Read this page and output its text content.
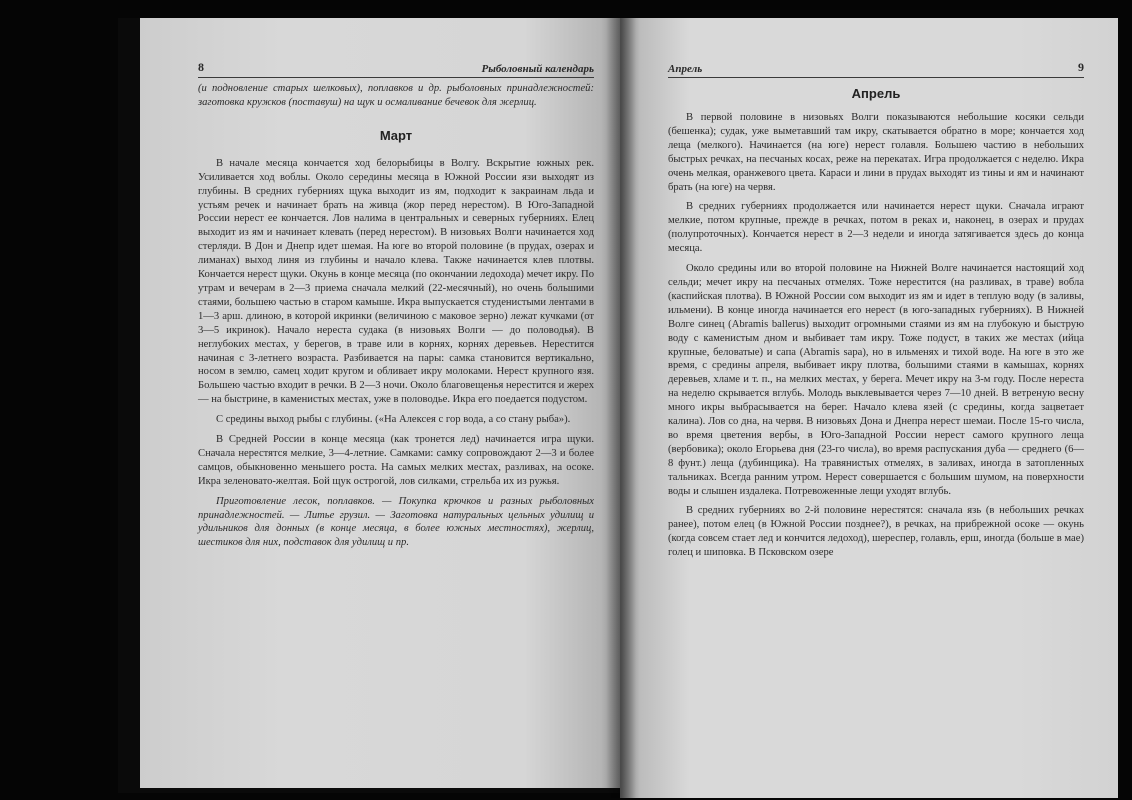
8	Рыболовный календарь

(и подновление старых шелковых), поплавков и др. рыболовных принадлежностей: заготовка кружков (поставуш) на щук и осмаливание бечевок для жерлиц.

Март

В начале месяца кончается ход белорыбицы в Волгу. Вскрытие южных рек. Усиливается ход воблы. Около середины месяца в Южной России язи выходят из глубины. В средних губерниях щука выходит из ям, подходит к закраинам льда и устьям речек и начинает брать на живца (жор перед нерестом). В Юго-Западной России нерест ее кончается. Лов налима в центральных и северных губерниях. Елец выходит из ям и начинает клевать (перед нерестом). В низовьях Волги начинается ход стерляди. В Дон и Днепр идет шемая. На юге во второй половине (в прудах, озерах и лиманах) выход линя из глубины и начало клева. Также начинается клев плотвы. Кончается нерест щуки. Окунь в конце месяца (по окончании ледохода) мечет икру. По утрам и вечерам в 2—3 приема сначала мелкий (22-месячный), но очень большими стаями, большею частью в старом камыше. Икра выпускается студенистыми лентами в 1—3 арш. длиною, в которой икринки (величиною с маковое зерно) лежат кучками (от 3—5 икринок). Начало нереста судака (в низовьях Волги — до половодья). В неглубоких местах, у берегов, в траве или в корнях, корнях деревьев. Нерестится начиная с 3-летнего возраста. Разбивается на пары: самка становится вертикально, носом в землю, самец ходит кругом и обливает икру молоками. Нерест крупного язя. Большею частью входит в речки. В 2—3 ночи. Около благовещенья нерестится и жерех — на быстрине, в каменистых местах, уже в половодье. Икра его поедается подустом.

С средины выход рыбы с глубины. («На Алексея с гор вода, а со стану рыба»).

В Средней России в конце месяца (как тронется лед) начинается игра щуки. Сначала нерестятся мелкие, 3—4-летние. Самками: самку сопровождают 2—3 и более самцов, обыкновенно меньшего роста. На самых мелких местах, разливах, на осоке. Икра зеленовато-желтая. Бой щук острогой, лов силками, стрельба их из ружья.

Приготовление лесок, поплавков. — Покупка крючков и разных рыболовных принадлежностей. — Литье грузил. — Заготовка натуральных цельных удилищ и удильников для донных (в конце месяца, в более южных местностях), жерлиц, шестиков для них, подставок для удилищ и пр.

Апрель	9
Апрель

В первой половине в низовьях Волги показываются небольшие косяки сельди (бешенка); судак, уже выметавший там икру, скатывается обратно в море; кончается ход леща (мелкого). Начинается (на юге) нерест голавля. Большею частию в небольших быстрых речках, на песчаных косах, реже на перекатах. Игра продолжается с неделю. Икра очень мелкая, оранжевого цвета. Караси и лини в прудах выходят из тины и ям и начинают брать (на юге) на червя.

В средних губерниях продолжается или начинается нерест щуки. Сначала играют мелкие, потом крупные, прежде в речках, потом в реках и, наконец, в озерах и прудах (полупроточных). Кончается нерест в 2—3 недели и иногда затягивается здесь до конца месяца.

Около средины или во второй половине на Нижней Волге начинается настоящий ход сельди; мечет икру на песчаных отмелях. Тоже нерестится (на разливах, в траве) вобла (каспийская плотва). В Южной России сом выходит из ям и идет в теплую воду (в заливы, ильмени). В конце иногда начинается его нерест (в юго-западных губерниях). В Нижней Волге синец (Abramis ballerus) выходит огромными стаями из ям на глубокую и быструю воду с каменистым дном и выбивает там икру. Тоже подуст, в таких же местах (ийца крупные, беловатые) и сапа (Abramis sapa), но в ильменях и тихой воде. На юге в это же время, с средины апреля, выбивает икру плотва, большими стаями в камышах, корнях деревьев, хламе и т. п., на мелких местах, у берега. Мечет икру на 3-м году. После нереста на неделю скрывается вглубь. Молодь выклевывается через 7—10 дней. В ветреную весну много икры выбрасывается на берег. Начало клева язей (с средины, когда зацветает калина). Лов со дна, на червя. В низовьях Дона и Днепра нерест шемаи. После 15-го числа, во время цветения вербы, в Юго-Западной России нерест самого крупного леща (вербовика); около Егорьева дня (23-го числа), во время распускания дуба — среднего (6—8 фунт.) леща (дубинщика). На травянистых отмелях, в заливах, иногда в затопленных тальниках. Всегда ранним утром. Нерест совершается с большим шумом, на поверхности воды и слышен издалека. Потревоженные лещи уходят вглубь.

В средних губерниях во 2-й половине нерестятся: сначала язь (в небольших речках ранее), потом елец (в Южной России позднее?), в речках, на прибрежной осоке — окунь (когда совсем стает лед и кончится ледоход), шереспер, голавль, ерш, иногда (больше в мае) голец и шиповка. В Псковском озере
